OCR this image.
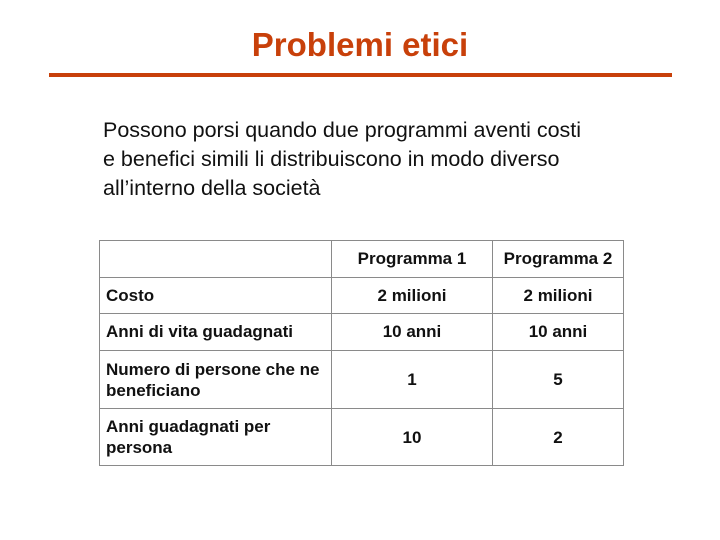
Problemi etici
Possono porsi quando due programmi aventi costi
e benefici simili li distribuiscono in modo diverso
all’interno della società
	Programma 1	Programma 2
Costo	2 milioni	2 milioni
Anni di vita guadagnati	10 anni	10 anni
Numero di persone che ne beneficiano	1	5
Anni guadagnati per persona	10	2
